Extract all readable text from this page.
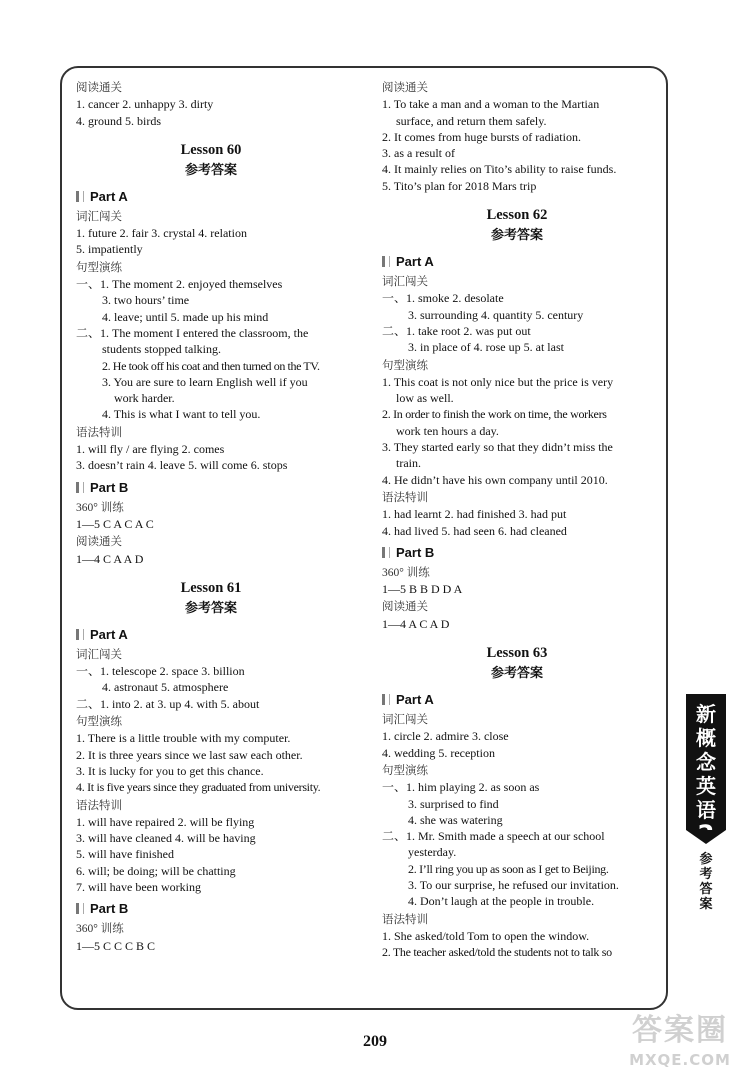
阅读通关
1. cancer 2. unhappy 3. dirty
4. ground 5. birds
Lesson 60
参考答案
Part A
词汇闯关
1. future 2. fair 3. crystal 4. relation
5. impatiently
句型演练
一、1. The moment 2. enjoyed themselves
3. two hours’ time
4. leave; until 5. made up his mind
二、1. The moment I entered the classroom, the
students stopped talking.
2. He took off his coat and then turned on the TV.
3. You are sure to learn English well if you
work harder.
4. This is what I want to tell you.
语法特训
1. will fly / are flying 2. comes
3. doesn’t rain 4. leave 5. will come 6. stops
Part B
360° 训练
1—5 C A C A C
阅读通关
1—4 C A A D
Lesson 61
参考答案
Part A
词汇闯关
一、1. telescope 2. space 3. billion
4. astronaut 5. atmosphere
二、1. into 2. at 3. up 4. with 5. about
句型演练
1. There is a little trouble with my computer.
2. It is three years since we last saw each other.
3. It is lucky for you to get this chance.
4. It is five years since they graduated from university.
语法特训
1. will have repaired 2. will be flying
3. will have cleaned 4. will be having
5. will have finished
6. will; be doing; will be chatting
7. will have been working
Part B
360° 训练
1—5 C C C B C
阅读通关
1. To take a man and a woman to the Martian
surface, and return them safely.
2. It comes from huge bursts of radiation.
3. as a result of
4. It mainly relies on Tito’s ability to raise funds.
5. Tito’s plan for 2018 Mars trip
Lesson 62
参考答案
Part A
词汇闯关
一、1. smoke 2. desolate
3. surrounding 4. quantity 5. century
二、1. take root 2. was put out
3. in place of 4. rose up 5. at last
句型演练
1. This coat is not only nice but the price is very
low as well.
2. In order to finish the work on time, the workers
work ten hours a day.
3. They started early so that they didn’t miss the
train.
4. He didn’t have his own company until 2010.
语法特训
1. had learnt 2. had finished 3. had put
4. had lived 5. had seen 6. had cleaned
Part B
360° 训练
1—5 B B D D A
阅读通关
1—4 A C A D
Lesson 63
参考答案
Part A
词汇闯关
1. circle 2. admire 3. close
4. wedding 5. reception
句型演练
一、1. him playing 2. as soon as
3. surprised to find
4. she was watering
二、1. Mr. Smith made a speech at our school
yesterday.
2. I’ll ring you up as soon as I get to Beijing.
3. To our surprise, he refused our invitation.
4. Don’t laugh at the people in trouble.
语法特训
1. She asked/told Tom to open the window.
2. The teacher asked/told the students not to talk so
新
概
念
英
语
2
参
考
答
案
209	答案圈
MXQE.COM
